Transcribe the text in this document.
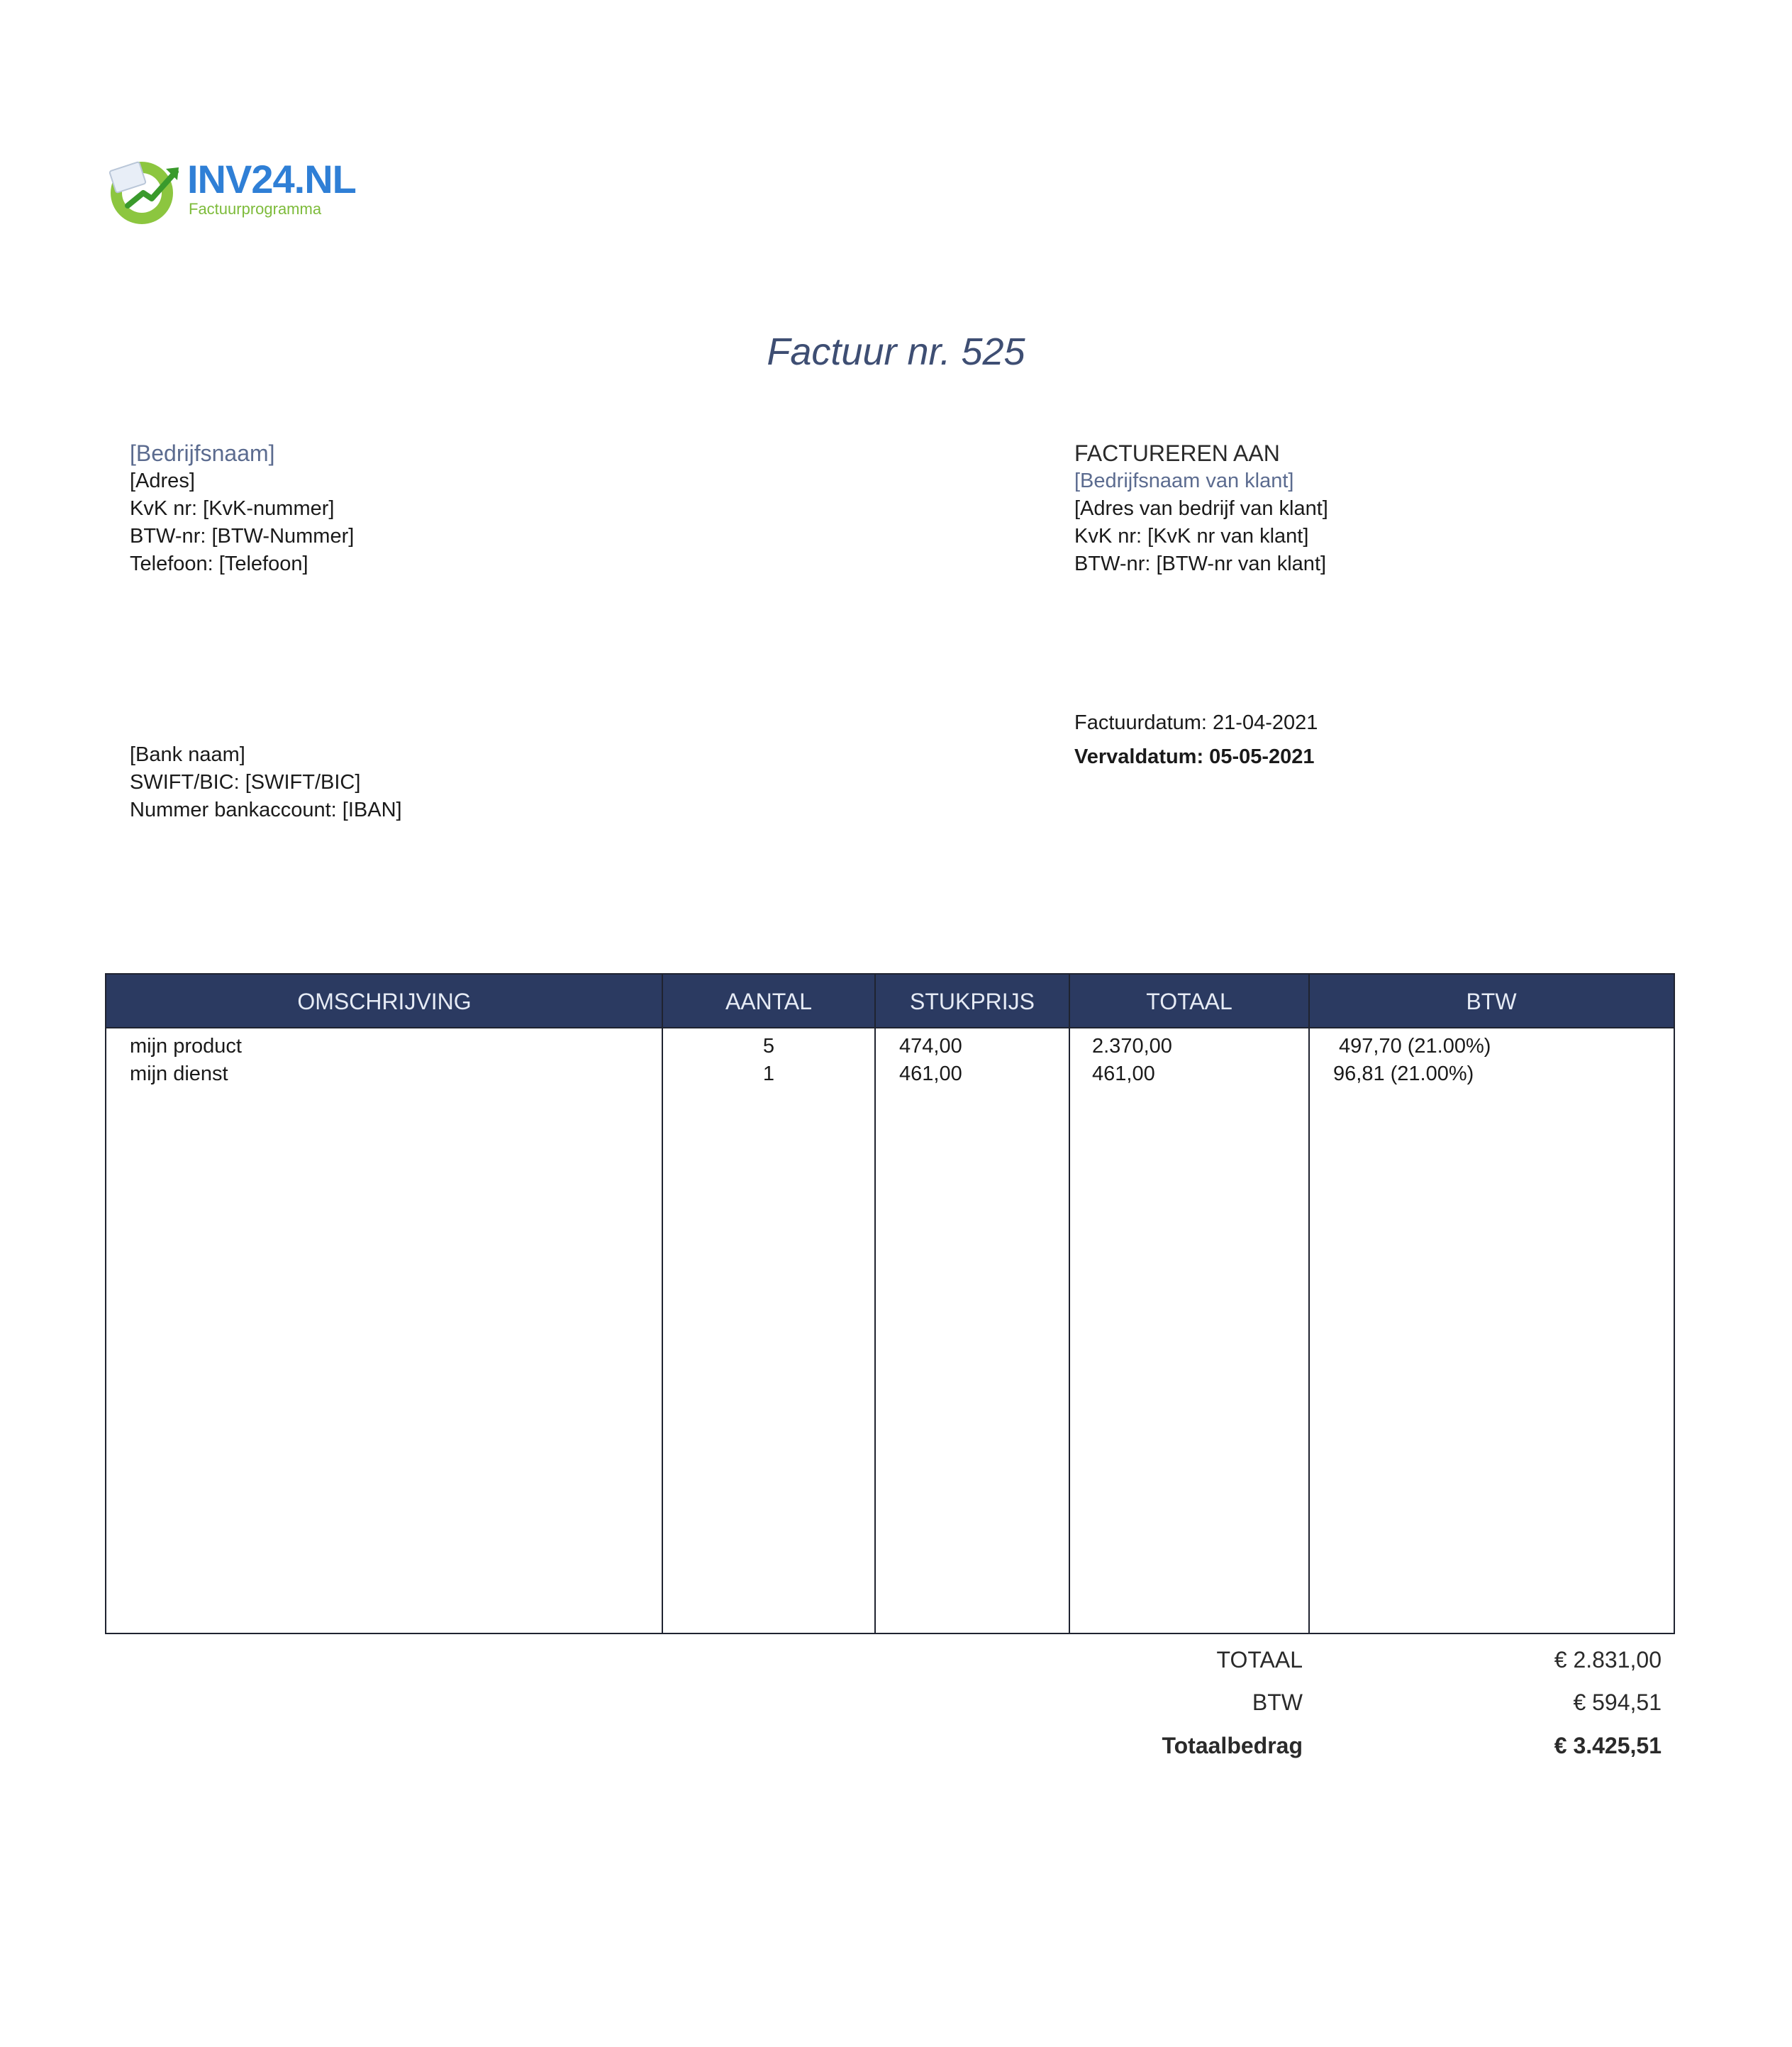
INV24.NL
Factuurprogramma
Factuur nr. 525
[Bedrijfsnaam]
[Adres]
KvK nr: [KvK-nummer]
BTW-nr: [BTW-Nummer]
Telefoon: [Telefoon]
FACTUREREN AAN
[Bedrijfsnaam van klant]
[Adres van bedrijf van klant]
KvK nr: [KvK nr van klant]
BTW-nr: [BTW-nr van klant]
Factuurdatum: 21-04-2021
Vervaldatum: 05-05-2021
[Bank naam]
SWIFT/BIC: [SWIFT/BIC]
Nummer bankaccount: [IBAN]
OMSCHRIJVING	AANTAL	STUKPRIJS	TOTAAL	BTW
mijn product	5	474,00	2.370,00	497,70 (21.00%)
mijn dienst	1	461,00	461,00	96,81 (21.00%)
TOTAAL	€ 2.831,00
BTW	€ 594,51
Totaalbedrag	€ 3.425,51
